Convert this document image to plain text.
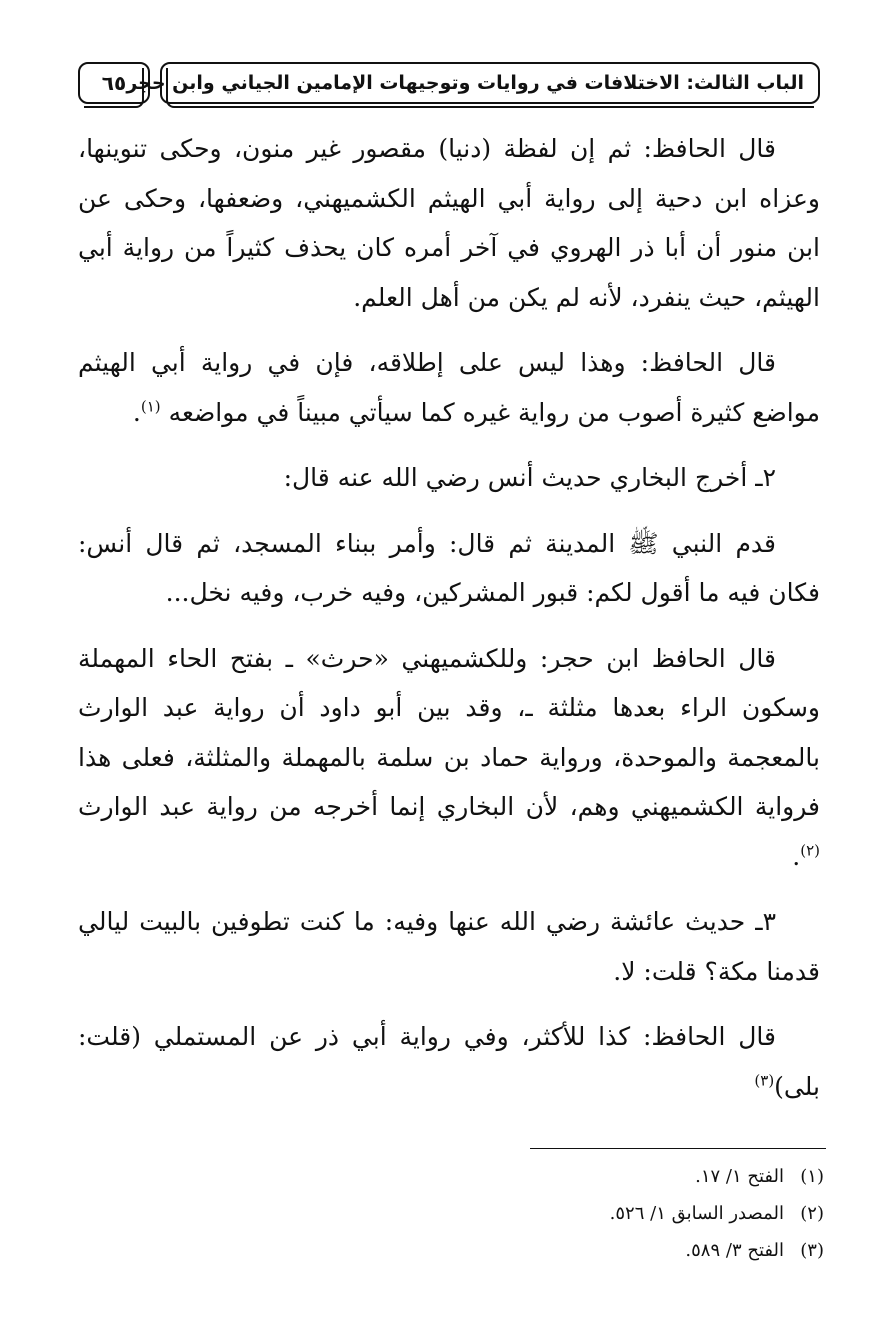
الباب الثالث: الاختلافات في روايات وتوجيهات الإمامين الجياني وابن حجر
٦٥

قال الحافظ: ثم إن لفظة (دنيا) مقصور غير منون، وحكى تنوينها، وعزاه ابن دحية إلى رواية أبي الهيثم الكشميهني، وضعفها، وحكى عن ابن منور أن أبا ذر الهروي في آخر أمره كان يحذف كثيراً من رواية أبي الهيثم، حيث ينفرد، لأنه لم يكن من أهل العلم.

قال الحافظ: وهذا ليس على إطلاقه، فإن في رواية أبي الهيثم مواضع كثيرة أصوب من رواية غيره كما سيأتي مبيناً في مواضعه $^{(١)}$.

٢ـ أخرج البخاري حديث أنس رضي الله عنه قال:

قدم النبي ﷺ المدينة ثم قال: وأمر ببناء المسجد، ثم قال أنس: فكان فيه ما أقول لكم: قبور المشركين، وفيه خرب، وفيه نخل...

قال الحافظ ابن حجر: وللكشميهني «حرث» ـ بفتح الحاء المهملة وسكون الراء بعدها مثلثة ـ، وقد بين أبو داود أن رواية عبد الوارث بالمعجمة والموحدة، ورواية حماد بن سلمة بالمهملة والمثلثة، فعلى هذا فرواية الكشميهني وهم، لأن البخاري إنما أخرجه من رواية عبد الوارث $^{(٢)}$.

٣ـ حديث عائشة رضي الله عنها وفيه: ما كنت تطوفين بالبيت ليالي قدمنا مكة؟ قلت: لا.

قال الحافظ: كذا للأكثر، وفي رواية أبي ذر عن المستملي (قلت: بلى)$^{(٣)}$

(١)
الفتح ١/ ١٧.
(٢)
المصدر السابق ١/ ٥٢٦.
(٣)
الفتح ٣/ ٥٨٩.
